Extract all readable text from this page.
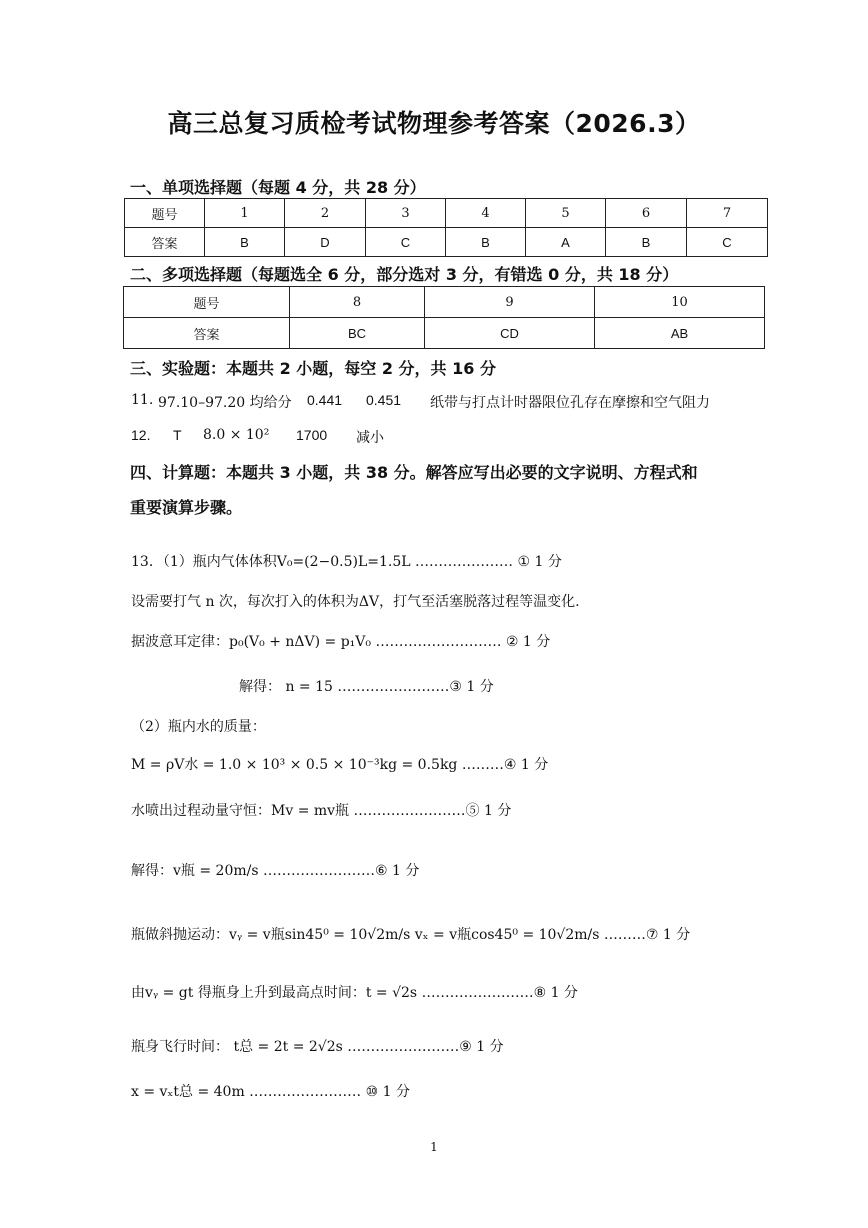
高三总复习质检考试物理参考答案（2026.3）
一、单项选择题（每题 4 分，共 28 分）
题号	1	2	3	4	5	6	7
答案	B	D	C	B	A	B	C
二、多项选择题（每题选全 6 分，部分选对 3 分，有错选 0 分，共 18 分）
题号	8	9	10
答案	BC	CD	AB
三、实验题：本题共 2 小题，每空 2 分，共 16 分
11. 97.10–97.20 均给分 0.441 0.451 纸带与打点计时器限位孔存在摩擦和空气阻力
12. T 8.0 × 10² 1700 减小
四、计算题：本题共 3 小题，共 38 分。解答应写出必要的文字说明、方程式和
重要演算步骤。
13．（1）瓶内气体体积V₀=(2−0.5)L=1.5L ………………… ① 1 分
设需要打气 n 次，每次打入的体积为ΔV，打气至活塞脱落过程等温变化.
据波意耳定律：p₀(V₀ + nΔV) = p₁V₀ ……………………… ② 1 分
解得： n = 15 ……………………③ 1 分
（2）瓶内水的质量：
M = ρV水 = 1.0 × 10³ × 0.5 × 10⁻³kg = 0.5kg ………④ 1 分
水喷出过程动量守恒：Mv = mv瓶 ……………………⑤ 1 分
解得：v瓶 = 20m/s ……………………⑥ 1 分
瓶做斜抛运动：vᵧ = v瓶sin45⁰ = 10√2m/s vₓ = v瓶cos45⁰ = 10√2m/s ………⑦ 1 分
由vᵧ = gt 得瓶身上升到最高点时间：t = √2s ……………………⑧ 1 分
瓶身飞行时间： t总 = 2t = 2√2s ……………………⑨ 1 分
x = vₓt总 = 40m …………………… ⑩ 1 分
1
